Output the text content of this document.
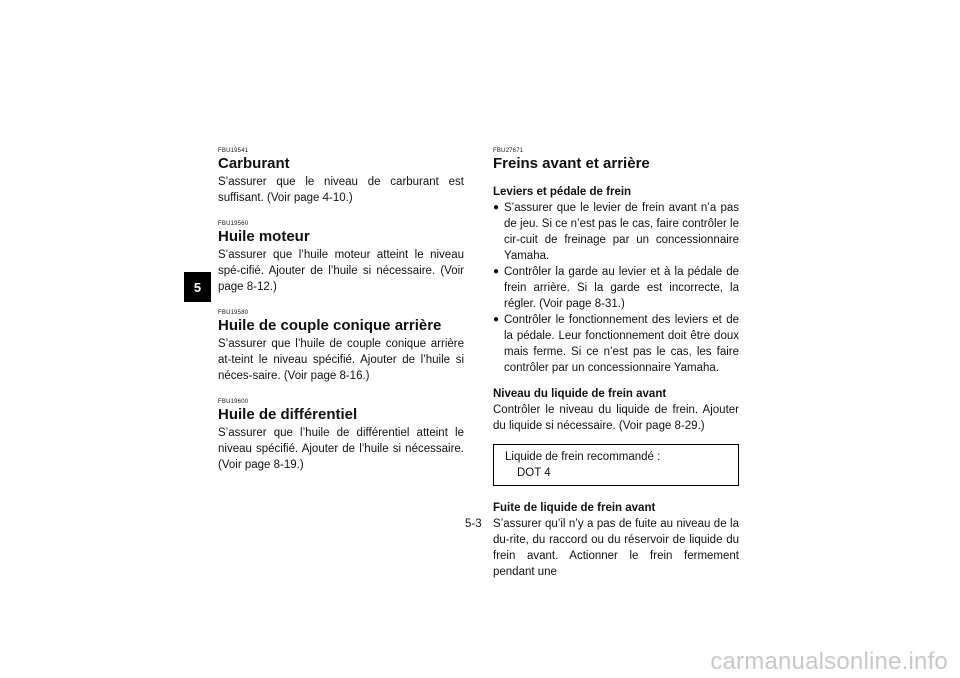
5

FBU19541

Carburant

S’assurer que le niveau de carburant est suffisant. (Voir page 4-10.)

FBU19560

Huile moteur

S’assurer que l’huile moteur atteint le niveau spé-cifié. Ajouter de l’huile si nécessaire. (Voir page 8-12.)

FBU19580

Huile de couple conique arrière

S’assurer que l’huile de couple conique arrière at-teint le niveau spécifié. Ajouter de l’huile si néces-saire. (Voir page 8-16.)

FBU19600

Huile de différentiel

S’assurer que l’huile de différentiel atteint le niveau spécifié. Ajouter de l’huile si nécessaire. (Voir page 8-19.)

FBU27671

Freins avant et arrière

Leviers et pédale de frein

● S’assurer que le levier de frein avant n’a pas de jeu. Si ce n’est pas le cas, faire contrôler le cir-cuit de freinage par un concessionnaire Yamaha.
● Contrôler la garde au levier et à la pédale de frein arrière. Si la garde est incorrecte, la régler. (Voir page 8-31.)
● Contrôler le fonctionnement des leviers et de la pédale. Leur fonctionnement doit être doux mais ferme. Si ce n’est pas le cas, les faire contrôler par un concessionnaire Yamaha.

Niveau du liquide de frein avant

Contrôler le niveau du liquide de frein. Ajouter du liquide si nécessaire. (Voir page 8-29.)

Liquide de frein recommandé :
DOT 4

Fuite de liquide de frein avant

S’assurer qu’il n’y a pas de fuite au niveau de la du-rite, du raccord ou du réservoir de liquide du frein avant. Actionner le frein fermement pendant une

5-3
carmanualsonline.info
